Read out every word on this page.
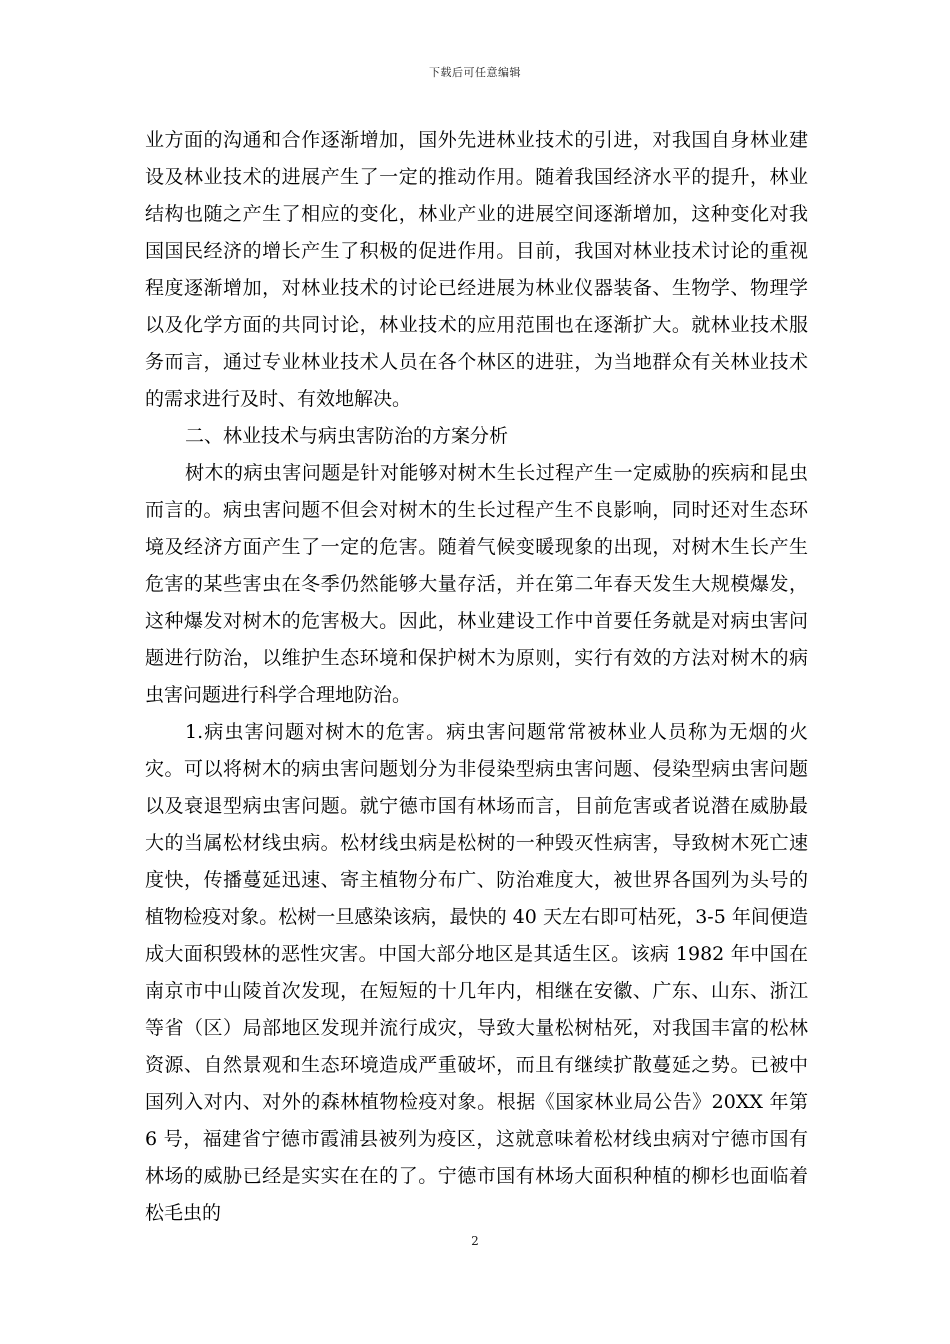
下载后可任意编辑

业方面的沟通和合作逐渐增加，国外先进林业技术的引进，对我国自身林业建设及林业技术的进展产生了一定的推动作用。随着我国经济水平的提升，林业结构也随之产生了相应的变化，林业产业的进展空间逐渐增加，这种变化对我国国民经济的增长产生了积极的促进作用。目前，我国对林业技术讨论的重视程度逐渐增加，对林业技术的讨论已经进展为林业仪器装备、生物学、物理学以及化学方面的共同讨论，林业技术的应用范围也在逐渐扩大。就林业技术服务而言，通过专业林业技术人员在各个林区的进驻，为当地群众有关林业技术的需求进行及时、有效地解决。

二、林业技术与病虫害防治的方案分析

树木的病虫害问题是针对能够对树木生长过程产生一定威胁的疾病和昆虫而言的。病虫害问题不但会对树木的生长过程产生不良影响，同时还对生态环境及经济方面产生了一定的危害。随着气候变暖现象的出现，对树木生长产生危害的某些害虫在冬季仍然能够大量存活，并在第二年春天发生大规模爆发，这种爆发对树木的危害极大。因此，林业建设工作中首要任务就是对病虫害问题进行防治，以维护生态环境和保护树木为原则，实行有效的方法对树木的病虫害问题进行科学合理地防治。

1.病虫害问题对树木的危害。病虫害问题常常被林业人员称为无烟的火灾。可以将树木的病虫害问题划分为非侵染型病虫害问题、侵染型病虫害问题以及衰退型病虫害问题。就宁德市国有林场而言，目前危害或者说潜在威胁最大的当属松材线虫病。松材线虫病是松树的一种毁灭性病害，导致树木死亡速度快，传播蔓延迅速、寄主植物分布广、防治难度大，被世界各国列为头号的植物检疫对象。松树一旦感染该病，最快的 40 天左右即可枯死，3-5 年间便造成大面积毁林的恶性灾害。中国大部分地区是其适生区。该病 1982 年中国在南京市中山陵首次发现，在短短的十几年内，相继在安徽、广东、山东、浙江等省（区）局部地区发现并流行成灾，导致大量松树枯死，对我国丰富的松林资源、自然景观和生态环境造成严重破坏，而且有继续扩散蔓延之势。已被中国列入对内、对外的森林植物检疫对象。根据《国家林业局公告》20XX 年第 6 号，福建省宁德市霞浦县被列为疫区，这就意味着松材线虫病对宁德市国有林场的威胁已经是实实在在的了。宁德市国有林场大面积种植的柳杉也面临着松毛虫的

2
